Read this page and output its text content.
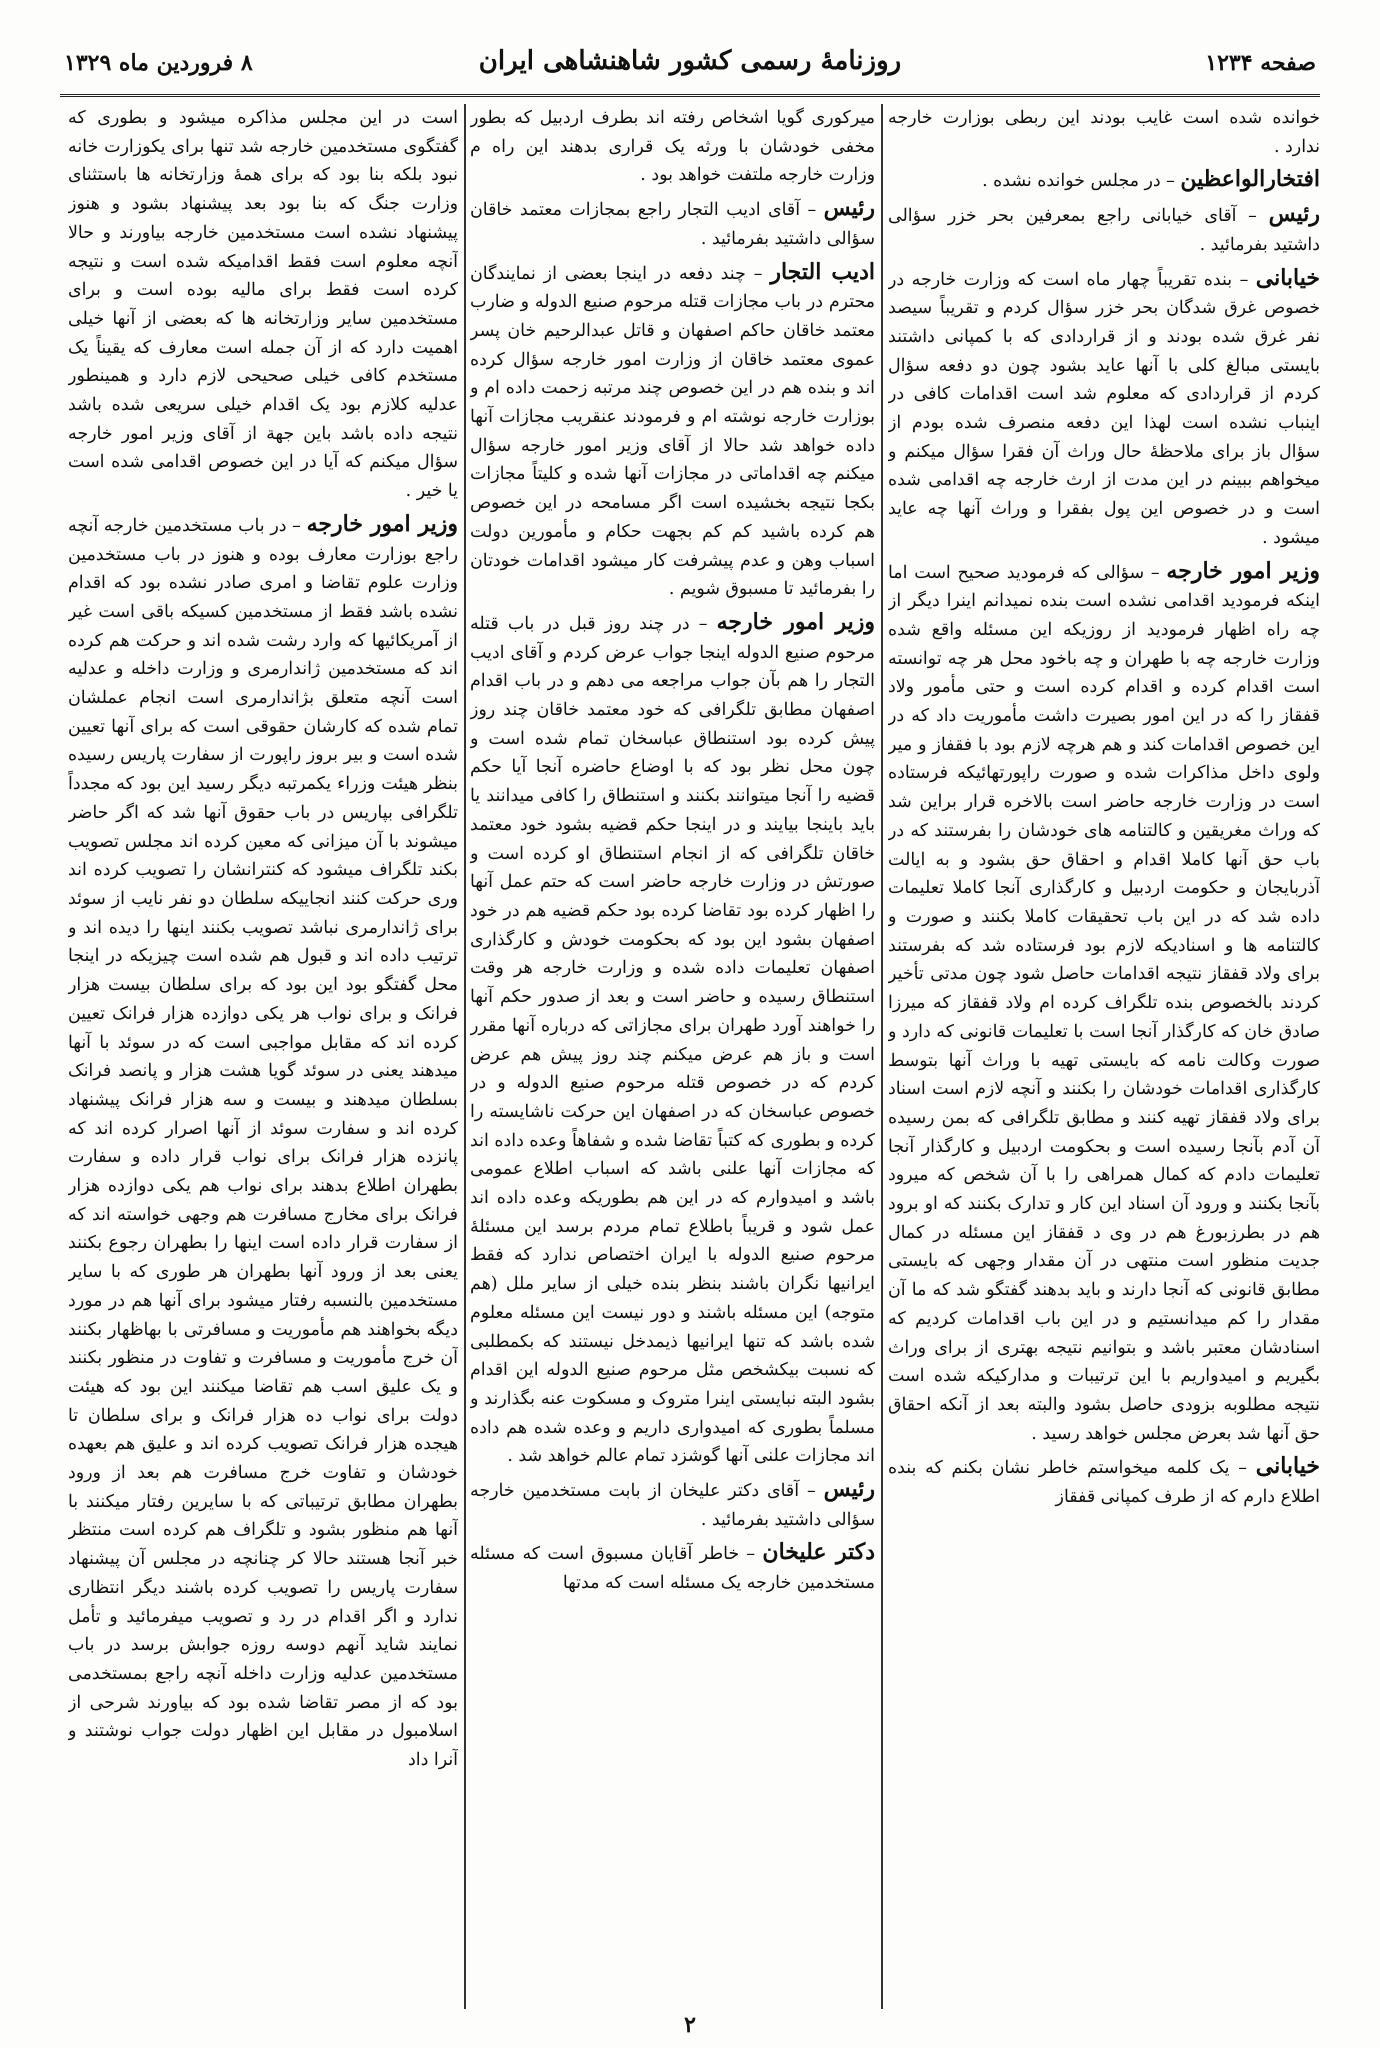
صفحه ۱۲۳۴
روزنامهٔ رسمی کشور شاهنشاهی ایران
۸ فروردین ماه ۱۳۲۹

خوانده شده است غایب بودند این ربطی بوزارت خارجه ندارد .

افتخارالواعظین – در مجلس خوانده نشده .

رئیس – آقای خیابانی راجع بمعرفین بحر خزر سؤالی داشتید بفرمائید .

خیابانی – بنده تقریباً چهار ماه است که وزارت خارجه در خصوص غرق شدگان بحر خزر سؤال کردم و تقریباً سیصد نفر غرق شده بودند و از قراردادی که با کمپانی داشتند بایستی مبالغ کلی با آنها عاید بشود چون دو دفعه سؤال کردم از قراردادی که معلوم شد است اقدامات کافی در اینباب نشده است لهذا این دفعه منصرف شده بودم از سؤال باز برای ملاحظهٔ حال وراث آن فقرا سؤال میکنم و میخواهم ببینم در این مدت از ارث خارجه چه اقدامی شده است و در خصوص این پول بفقرا و وراث آنها چه عاید میشود .

وزیر امور خارجه – سؤالی که فرمودید صحیح است اما اینکه فرمودید اقدامی نشده است بنده نمیدانم اینرا دیگر از چه راه اظهار فرمودید از روزیکه این مسئله واقع شده وزارت خارجه چه با طهران و چه باخود محل هر چه توانسته است اقدام کرده و اقدام کرده است و حتی مأمور ولاد قفقاز را که در این امور بصیرت داشت مأموریت داد که در این خصوص اقدامات کند و هم هرچه لازم بود با فقفاز و میر ولوی داخل مذاکرات شده و صورت راپورتهائیکه فرستاده است در وزارت خارجه حاضر است بالاخره قرار براین شد که وراث مغریقین و کالتنامه های خودشان را بفرستند که در باب حق آنها کاملا اقدام و احقاق حق بشود و به ایالت آذربایجان و حکومت اردبیل و کارگذاری آنجا کاملا تعلیمات داده شد که در این باب تحقیقات کاملا بکنند و صورت و کالتنامه ها و اسنادیکه لازم بود فرستاده شد که بفرستند برای ولاد قفقاز نتیجه اقدامات حاصل شود چون مدتی تأخیر کردند بالخصوص بنده تلگراف کرده ام ولاد قفقاز که میرزا صادق خان که کارگذار آنجا است با تعلیمات قانونی که دارد و صورت وکالت نامه که بایستی تهیه با وراث آنها بتوسط کارگذاری اقدامات خودشان را بکنند و آنچه لازم است اسناد برای ولاد قفقاز تهیه کنند و مطابق تلگرافی که بمن رسیده آن آدم بآنجا رسیده است و بحکومت اردبیل و کارگذار آنجا تعلیمات دادم که کمال همراهی را با آن شخص که میرود بآنجا بکنند و ورود آن اسناد این کار و تدارک بکنند که او برود هم در بطرزبورغ هم در وی د قفقاز این مسئله در کمال جدیت منظور است منتهی در آن مقدار وجهی که بایستی مطابق قانونی که آنجا دارند و باید بدهند گفتگو شد که ما آن مقدار را کم میدانستیم و در این باب اقدامات کردیم که اسنادشان معتبر باشد و بتوانیم نتیجه بهتری از برای وراث بگیریم و امیدواریم با این ترتیبات و مدارکیکه شده است نتیجه مطلوبه بزودی حاصل بشود والبته بعد از آنکه احقاق حق آنها شد بعرض مجلس خواهد رسید .

خیابانی – یک کلمه میخواستم خاطر نشان بکنم که بنده اطلاع دارم که از طرف کمپانی قفقاز

میرکوری گویا اشخاص رفته اند بطرف اردبیل که بطور مخفی خودشان با ورثه یک قراری بدهند این راه م وزارت خارجه ملتفت خواهد بود .

رئیس – آقای ادیب التجار راجع بمجازات معتمد خاقان سؤالی داشتید بفرمائید .

ادیب التجار – چند دفعه در اینجا بعضی از نمایندگان محترم در باب مجازات قتله مرحوم صنیع الدوله و ضارب معتمد خاقان حاکم اصفهان و قاتل عبدالرحیم خان پسر عموی معتمد خاقان از وزارت امور خارجه سؤال کرده اند و بنده هم در این خصوص چند مرتبه زحمت داده ام و بوزارت خارجه نوشته ام و فرمودند عنقریب مجازات آنها داده خواهد شد حالا از آقای وزیر امور خارجه سؤال میکنم چه اقداماتی در مجازات آنها شده و کلیتاً مجازات بکجا نتیجه بخشیده است اگر مسامحه در این خصوص هم کرده باشید کم کم بجهت حکام و مأمورین دولت اسباب وهن و عدم پیشرفت کار میشود اقدامات خودتان را بفرمائید تا مسبوق شویم .

وزیر امور خارجه – در چند روز قبل در باب قتله مرحوم صنیع الدوله اینجا جواب عرض کردم و آقای ادیب التجار را هم بآن جواب مراجعه می دهم و در باب اقدام اصفهان مطابق تلگرافی که خود معتمد خاقان چند روز پیش کرده بود استنطاق عباسخان تمام شده است و چون محل نظر بود که با اوضاع حاضره آنجا آیا حکم قضیه را آنجا میتوانند بکنند و استنطاق را کافی میدانند یا باید باینجا بیایند و در اینجا حکم قضیه بشود خود معتمد خاقان تلگرافی که از انجام استنطاق او کرده است و صورتش در وزارت خارجه حاضر است که حتم عمل آنها را اظهار کرده بود تقاضا کرده بود حکم قضیه هم در خود اصفهان بشود این بود که بحکومت خودش و کارگذاری اصفهان تعلیمات داده شده و وزارت خارجه هر وقت استنطاق رسیده و حاضر است و بعد از صدور حکم آنها را خواهند آورد طهران برای مجازاتی که درباره آنها مقرر است و باز هم عرض میکنم چند روز پیش هم عرض کردم که در خصوص قتله مرحوم صنیع الدوله و در خصوص عباسخان که در اصفهان این حرکت ناشایسته را کرده و بطوری که کتباً تقاضا شده و شفاهاً وعده داده اند که مجازات آنها علنی باشد که اسباب اطلاع عمومی باشد و امیدوارم که در این هم بطوریکه وعده داده اند عمل شود و قریباً باطلاع تمام مردم برسد این مسئلهٔ مرحوم صنیع الدوله با ایران اختصاص ندارد که فقط ایرانیها نگران باشند بنظر بنده خیلی از سایر ملل (هم متوجه) این مسئله باشند و دور نیست این مسئله معلوم شده باشد که تنها ایرانیها ذیمدخل نیستند که بکمطلبی که نسبت بیکشخص مثل مرحوم صنیع الدوله این اقدام بشود البته نبایستی اینرا متروک و مسکوت عنه بگذارند و مسلماً بطوری که امیدواری داریم و وعده شده هم داده اند مجازات علنی آنها گوشزد تمام عالم خواهد شد .

رئیس – آقای دکتر علیخان از بابت مستخدمین خارجه سؤالی داشتید بفرمائید .

دکتر علیخان – خاطر آقایان مسبوق است که مسئله مستخدمین خارجه یک مسئله است که مدتها

است در این مجلس مذاکره میشود و بطوری که گفتگوی مستخدمین خارجه شد تنها برای یکوزارت خانه نبود بلکه بنا بود که برای همهٔ وزارتخانه ها باستثنای وزارت جنگ که بنا بود بعد پیشنهاد بشود و هنوز پیشنهاد نشده است مستخدمین خارجه بیاورند و حالا آنچه معلوم است فقط اقدامیکه شده است و نتیجه کرده است فقط برای مالیه بوده است و برای مستخدمین سایر وزارتخانه ها که بعضی از آنها خیلی اهمیت دارد که از آن جمله است معارف که یقیناً یک مستخدم کافی خیلی صحیحی لازم دارد و همینطور عدلیه کلازم بود یک اقدام خیلی سریعی شده باشد نتیجه داده باشد باین جهة از آقای وزیر امور خارجه سؤال میکنم که آیا در این خصوص اقدامی شده است یا خیر .

وزیر امور خارجه – در باب مستخدمین خارجه آنچه راجع بوزارت معارف بوده و هنوز در باب مستخدمین وزارت علوم تقاضا و امری صادر نشده بود که اقدام نشده باشد فقط از مستخدمین کسیکه باقی است غیر از آمریکائیها که وارد رشت شده اند و حرکت هم کرده اند که مستخدمین ژاندارمری و وزارت داخله و عدلیه است آنچه متعلق بژاندارمری است انجام عملشان تمام شده که کارشان حقوقی است که برای آنها تعیین شده است و بیر بروز راپورت از سفارت پاریس رسیده بنظر هیئت وزراء یکمرتبه دیگر رسید این بود که مجدداً تلگرافی بپاریس در باب حقوق آنها شد که اگر حاضر میشوند با آن میزانی که معین کرده اند مجلس تصویب بکند تلگراف میشود که کنترانشان را تصویب کرده اند وری حرکت کنند انجاییکه سلطان دو نفر نایب از سوئد برای ژاندارمری نباشد تصویب بکنند اینها را دیده اند و ترتیب داده اند و قبول هم شده است چیزیکه در اینجا محل گفتگو بود این بود که برای سلطان بیست هزار فرانک و برای نواب هر یکی دوازده هزار فرانک تعیین کرده اند که مقابل مواجبی است که در سوئد با آنها میدهند یعنی در سوئد گویا هشت هزار و پانصد فرانک بسلطان میدهند و بیست و سه هزار فرانک پیشنهاد کرده اند و سفارت سوئد از آنها اصرار کرده اند که پانزده هزار فرانک برای نواب قرار داده و سفارت بطهران اطلاع بدهند برای نواب هم یکی دوازده هزار فرانک برای مخارج مسافرت هم وجهی خواسته اند که از سفارت قرار داده است اینها را بطهران رجوع بکنند یعنی بعد از ورود آنها بطهران هر طوری که با سایر مستخدمین بالنسبه رفتار میشود برای آنها هم در مورد دیگه بخواهند هم مأموریت و مسافرتی با بهاظهار بکنند آن خرج مأموریت و مسافرت و تفاوت در منظور بکنند و یک علیق اسب هم تقاضا میکنند این بود که هیئت دولت برای نواب ده هزار فرانک و برای سلطان تا هیجده هزار فرانک تصویب کرده اند و علیق هم بعهده خودشان و تفاوت خرج مسافرت هم بعد از ورود بطهران مطابق ترتیباتی که با سایرین رفتار میکنند با آنها هم منظور بشود و تلگراف هم کرده است منتظر خبر آنجا هستند حالا کر چنانچه در مجلس آن پیشنهاد سفارت پاریس را تصویب کرده باشند دیگر انتظاری ندارد و اگر اقدام در رد و تصویب میفرمائید و تأمل نمایند شاید آنهم دوسه روزه جوابش برسد در باب مستخدمین عدلیه وزارت داخله آنچه راجع بمستخدمی بود که از مصر تقاضا شده بود که بیاورند شرحی از اسلامبول در مقابل این اظهار دولت جواب نوشتند و آنرا داد

۲
